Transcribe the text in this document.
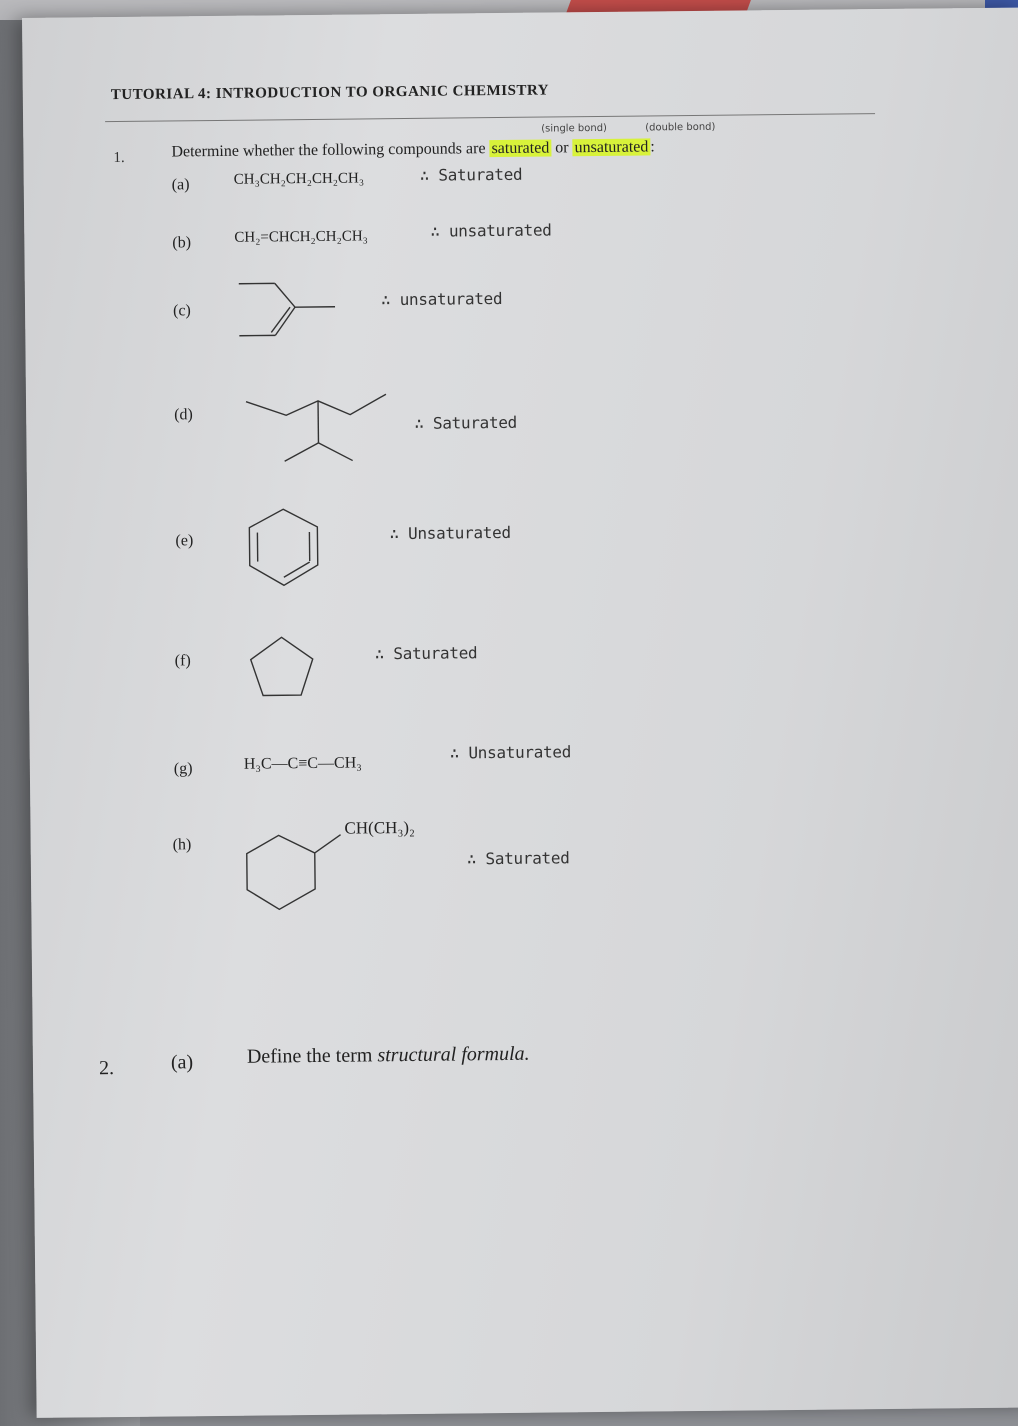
TUTORIAL 4: INTRODUCTION TO ORGANIC CHEMISTRY
1.
(single bond)	(double bond)
Determine whether the following compounds are saturated or unsaturated :
(a)	CH₃CH₂CH₂CH₂CH₃	∴ Saturated
(b)	CH₂=CHCH₂CH₂CH₃	∴ unsaturated
(c)
∴ unsaturated
(d)	∴ Saturated
(e)	∴ Unsaturated
(f)	∴ Saturated
(g)	H₃C—C≡C—CH₃
∴ Unsaturated
(h)
CH(CH₃)₂
∴ Saturated
2.	(a)	Define the term structural formula.
